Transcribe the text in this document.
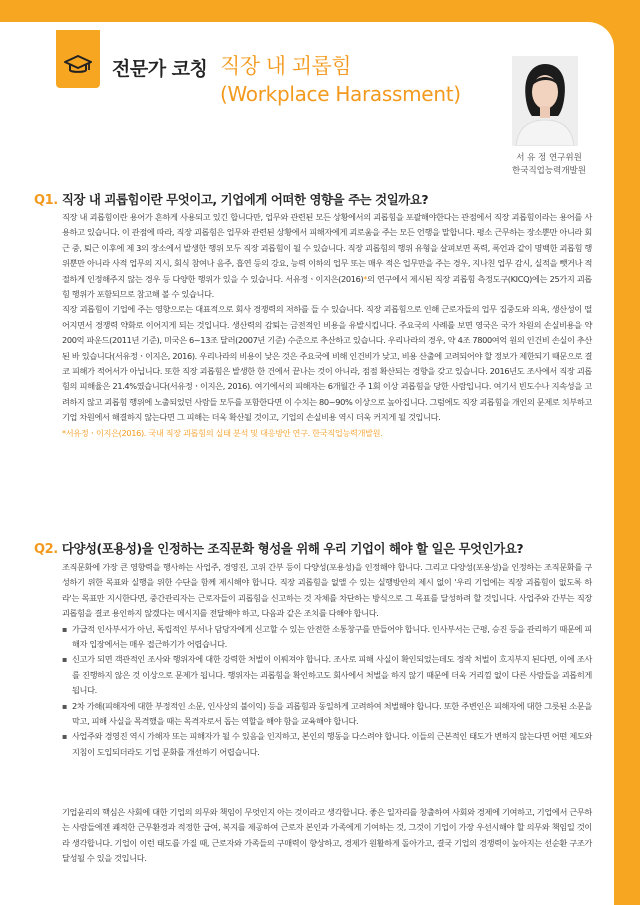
전문가 코칭 직장 내 괴롭힘
(Workplace Harassment)
서 유 정 연구위원
한국직업능력개발원
Q1. 직장 내 괴롭힘이란 무엇이고, 기업에게 어떠한 영향을 주는 것일까요?

직장 내 괴롭힘이란 용어가 흔하게 사용되고 있긴 합니다만, 업무와 관련된 모든 상황에서의 괴롭힘을 포괄해야한다는 관점에서 직장 괴롭힘이라는 용어를 사용하고 있습니다. 이 관점에 따라, 직장 괴롭힘은 업무와 관련된 상황에서 피해자에게 괴로움을 주는 모든 언행을 말합니다. 평소 근무하는 장소뿐만 아니라 회근 중, 퇴근 이후에 제 3의 장소에서 발생한 행위 모두 직장 괴롭힘이 될 수 있습니다. 직장 괴롭힘의 행위 유형을 살펴보면 폭력, 폭언과 같이 명백한 괴롭힘 행위뿐만 아니라 사적 업무의 지시, 회식 참여나 음주, 흡연 등의 강요, 능력 이하의 업무 또는 매우 적은 업무만을 주는 경우, 지나친 업무 감시, 실적을 뺏거나 적절하게 인정해주지 않는 경우 등 다양한 행위가 있을 수 있습니다. 서유정ㆍ이지은(2016)*의 연구에서 제시된 직장 괴롭힘 측정도구(KICQ)에는 25가지 괴롭힘 행위가 포함되므로 참고해 볼 수 있습니다.

직장 괴롭힘이 기업에 주는 영향으로는 대표적으로 회사 경쟁력의 저하를 들 수 있습니다. 직장 괴롭힘으로 인해 근로자들의 업무 집중도와 의욕, 생산성이 떨어지면서 경쟁력 약화로 이어지게 되는 것입니다. 생산력의 감퇴는 금전적인 비용을 유발시킵니다. 주요국의 사례를 보면 영국은 국가 차원의 손실비용을 약 200억 파운드(2011년 기준), 미국은 6~13조 달러(2007년 기준) 수준으로 추산하고 있습니다. 우리나라의 경우, 약 4조 7800여억 원의 인건비 손실이 추산된 바 있습니다(서유정ㆍ이지은, 2016). 우리나라의 비용이 낮은 것은 주요국에 비해 인건비가 낮고, 비용 산출에 고려되어야 할 정보가 제한되기 때문으로 결코 피해가 적어서가 아닙니다. 또한 직장 괴롭힘은 발생한 한 건에서 끝나는 것이 아니라, 점점 확산되는 경향을 갖고 있습니다. 2016년도 조사에서 직장 괴롭힘의 피해율은 21.4%였습니다(서유정ㆍ이지은, 2016). 여기에서의 피해자는 6개월간 주 1회 이상 괴롭힘을 당한 사람입니다. 여기서 빈도수나 지속성을 고려하지 않고 괴롭힘 행위에 노출되었던 사람들 모두를 포함한다면 이 수치는 80~90% 이상으로 높아집니다. 그럼에도 직장 괴롭힘을 개인의 문제로 치부하고 기업 차원에서 해결하지 않는다면 그 피해는 더욱 확산될 것이고, 기업의 손실비용 역시 더욱 커지게 될 것입니다.

*서유정ㆍ이지은(2016). 국내 직장 괴롭힘의 실태 분석 및 대응방안 연구. 한국직업능력개발원.

Q2. 다양성(포용성)을 인정하는 조직문화 형성을 위해 우리 기업이 해야 할 일은 무엇인가요?

조직문화에 가장 큰 영향력을 행사하는 사업주, 경영진, 고위 간부 등이 다양성(포용성)을 인정해야 합니다. 그리고 다양성(포용성)을 인정하는 조직문화를 구성하기 위한 목표와 실행을 위한 수단을 함께 제시해야 합니다. 직장 괴롭힘을 없앨 수 있는 실행방안의 제시 없이 '우리 기업에는 직장 괴롭힘이 없도록 하라'는 목표만 지시한다면, 중간관리자는 근로자들이 괴롭힘을 신고하는 것 자체를 차단하는 방식으로 그 목표를 달성하려 할 것입니다. 사업주와 간부는 직장 괴롭힘을 결코 용인하지 않겠다는 메시지를 전달해야 하고, 다음과 같은 조치를 다해야 합니다.

▪ 가급적 인사부서가 아닌, 독립적인 부서나 담당자에게 신고할 수 있는 안전한 소통창구를 만들어야 합니다. 인사부서는 근평, 승진 등을 관리하기 때문에 피해자 입장에서는 매우 접근하기가 어렵습니다.
▪ 신고가 되면 객관적인 조사와 행위자에 대한 강력한 처벌이 이뤄져야 합니다. 조사로 피해 사실이 확인되었는데도 정작 처벌이 흐지부지 된다면, 이에 조사를 진행하지 않은 것 이상으로 문제가 됩니다. 행위자는 괴롭힘을 확인하고도 회사에서 처벌을 하지 않기 때문에 더욱 거리낌 없이 다른 사람들을 괴롭히게 됩니다.
▪ 2차 가해(피해자에 대한 부정적인 소문, 인사상의 불이익) 등을 괴롭힘과 동일하게 고려하여 처벌해야 합니다. 또한 주변인은 피해자에 대한 그릇된 소문을 막고, 피해 사실을 목격했을 때는 목격자로서 돕는 역할을 해야 함을 교육해야 합니다.
▪ 사업주와 경영진 역시 가해자 또는 피해자가 될 수 있음을 인지하고, 본인의 행동을 다스려야 합니다. 이들의 근본적인 태도가 변하지 않는다면 어떤 제도와 지침이 도입되더라도 기업 문화를 개선하기 어렵습니다.

기업윤리의 핵심은 사회에 대한 기업의 의무와 책임이 무엇인지 아는 것이라고 생각합니다. 좋은 일자리를 창출하여 사회와 경제에 기여하고, 기업에서 근무하는 사람들에겐 쾌적한 근무환경과 적정한 급여, 복지를 제공하여 근로자 본인과 가족에게 기여하는 것, 그것이 기업이 가장 우선시해야 할 의무와 책임일 것이라 생각합니다. 기업이 이런 태도를 가질 때, 근로자와 가족들의 구매력이 향상하고, 경제가 원활하게 돌아가고, 결국 기업의 경쟁력이 높아지는 선순환 구조가 달성될 수 있을 것입니다.
